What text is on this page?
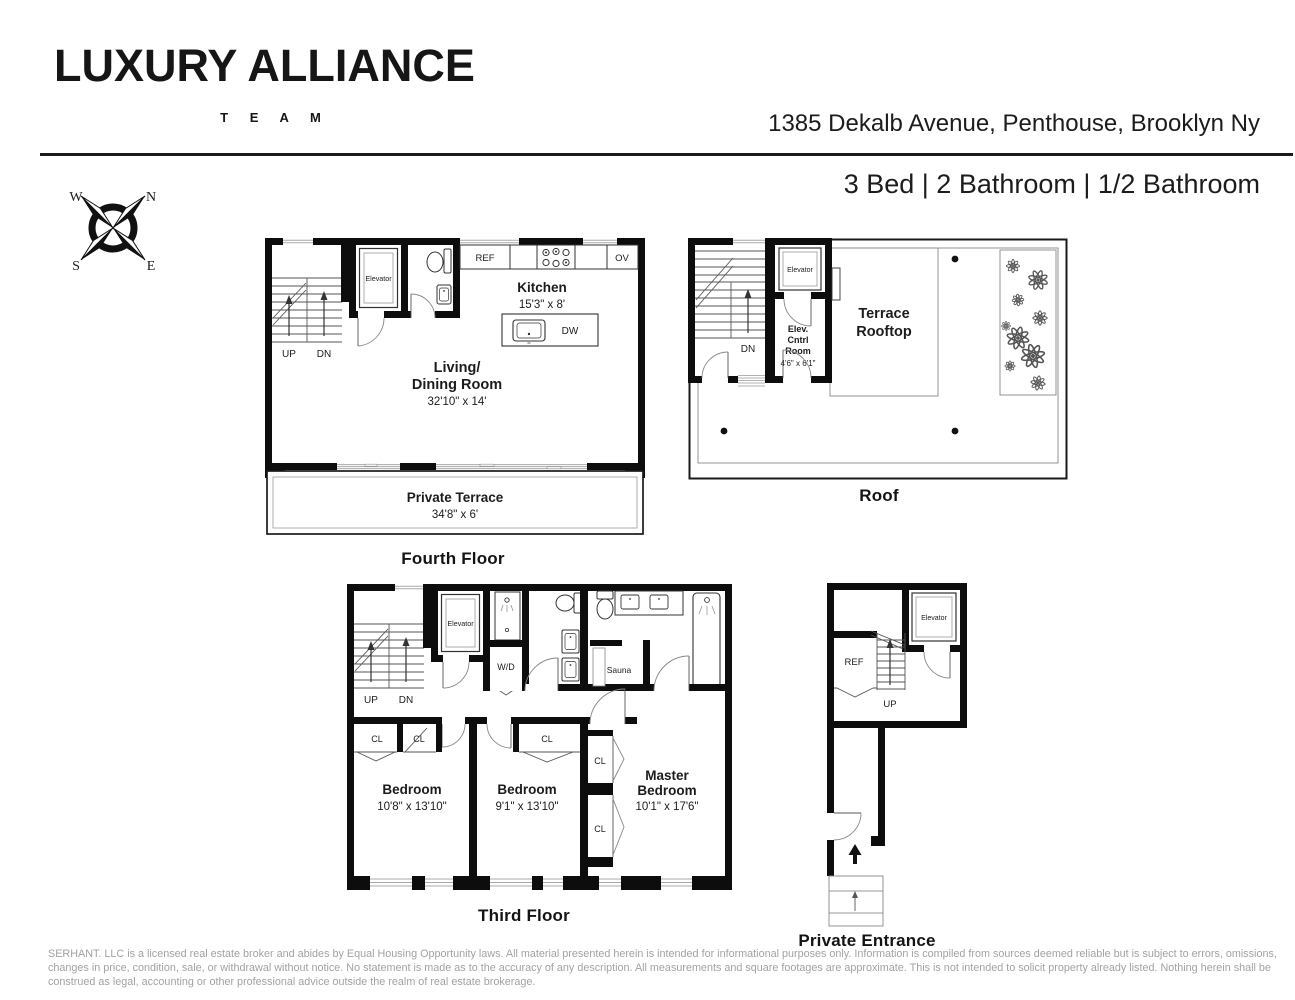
LUXURY ALLIANCE
T E A M	1385 Dekalb Avenue, Penthouse, Brooklyn Ny
3 Bed | 2 Bathroom | 1/2 Bathroom
W	N
S	E
UP DN
Elevator
REF	OV
Kitchen
15'3" x 8'
DW
Living/
Dining Room
32'10" x 14'
Private Terrace
34'8" x 6'
Fourth Floor
Terrace
Rooftop
DN
Elevator
Elev.
Cntrl
Room
4'6" x 6'1"
Roof
UP DN
Elevator
W/D	Sauna
CL	CL	CL
CL
CL
Bedroom
10'8" x 13'10"
Bedroom
9'1" x 13'10"
Master
Bedroom
10'1" x 17'6"
Third Floor
Elevator
REF
UP
Private Entrance
SERHANT. LLC is a licensed real estate broker and abides by Equal Housing Opportunity laws. All material presented herein is intended for informational purposes only. Information is compiled from sources deemed reliable but is subject to errors, omissions, changes in price, condition, sale, or withdrawal without notice. No statement is made as to the accuracy of any description. All measurements and square footages are approximate. This is not intended to solicit property already listed. Nothing herein shall be construed as legal, accounting or other professional advice outside the realm of real estate brokerage.
